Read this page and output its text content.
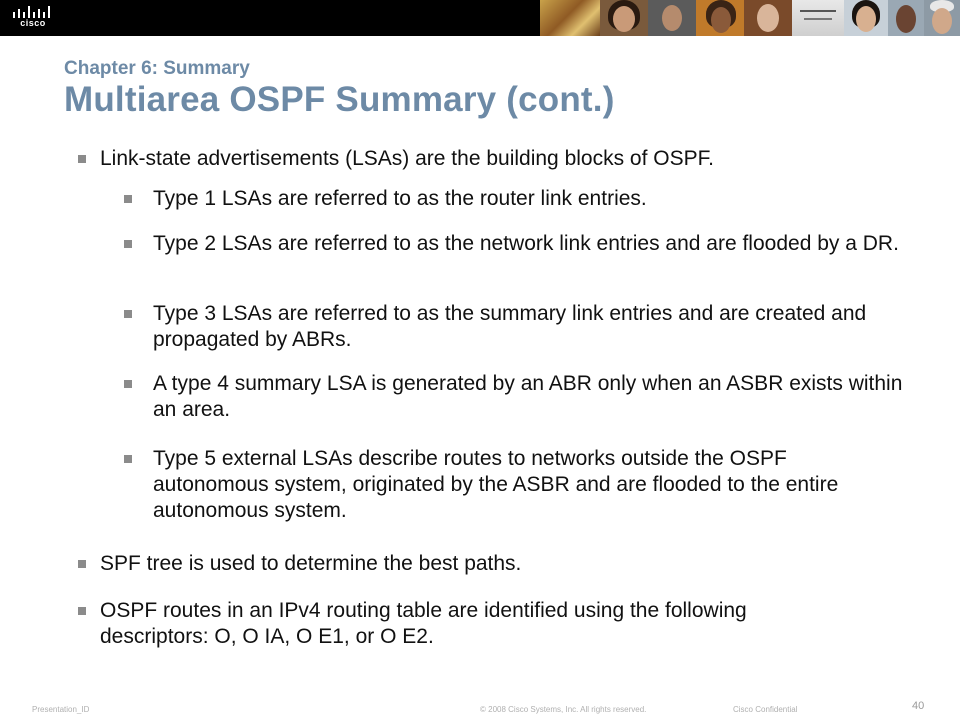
cisco
Chapter 6: Summary
Multiarea OSPF Summary (cont.)
Link-state advertisements (LSAs) are the building blocks of OSPF.
Type 1 LSAs are referred to as the router link entries.
Type 2 LSAs are referred to as the network link entries and are flooded by a DR.
Type 3 LSAs are referred to as the summary link entries and are created and propagated by ABRs.
A type 4 summary LSA is generated by an ABR only when an ASBR exists within an area.
Type 5 external LSAs describe routes to networks outside the OSPF autonomous system, originated by the ASBR and are flooded to the entire autonomous system.
SPF tree is used to determine the best paths.
OSPF routes in an IPv4 routing table are identified using the following descriptors: O, O IA, O E1, or O E2.
Presentation_ID	© 2008 Cisco Systems, Inc. All rights reserved.	Cisco Confidential	40
